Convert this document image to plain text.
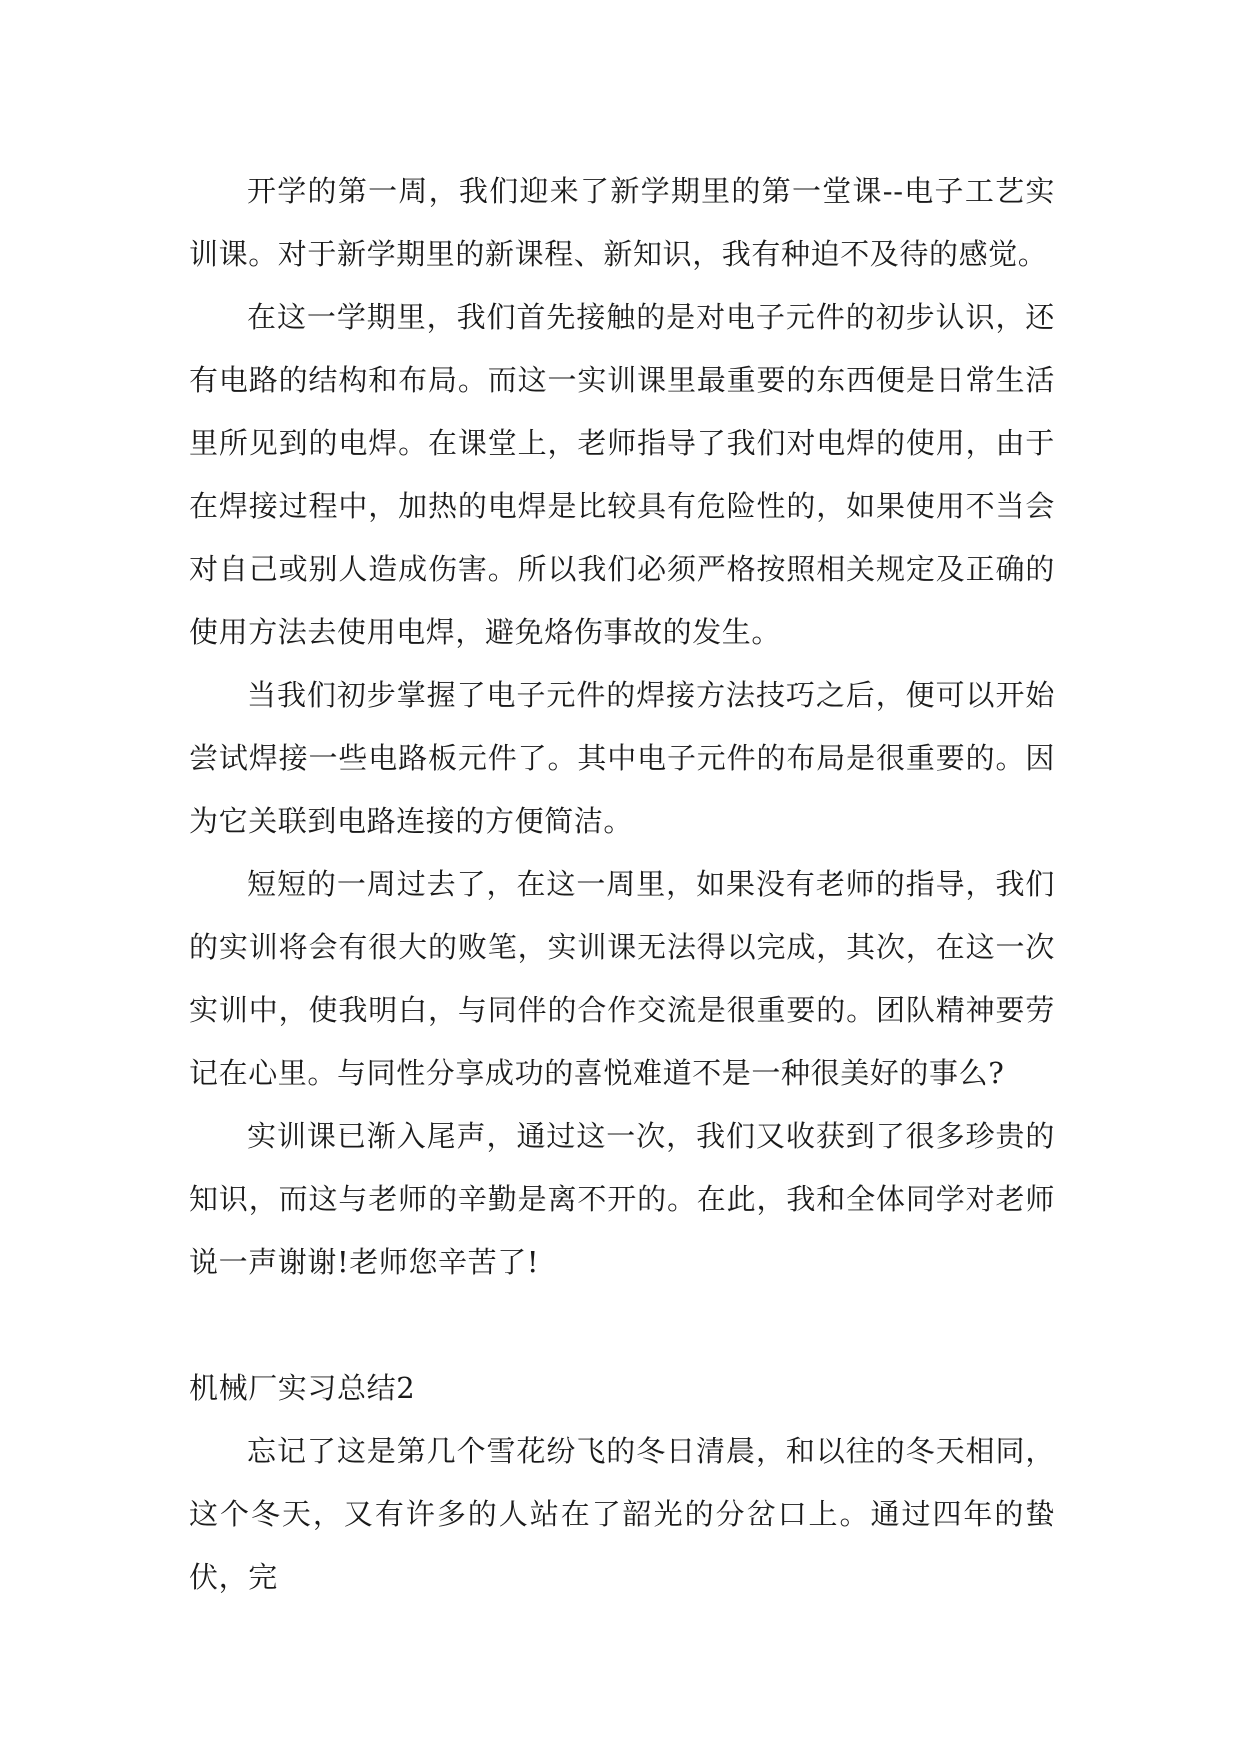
开学的第一周，我们迎来了新学期里的第一堂课--电子工艺实训课。对于新学期里的新课程、新知识，我有种迫不及待的感觉。

在这一学期里，我们首先接触的是对电子元件的初步认识，还有电路的结构和布局。而这一实训课里最重要的东西便是日常生活里所见到的电焊。在课堂上，老师指导了我们对电焊的使用，由于在焊接过程中，加热的电焊是比较具有危险性的，如果使用不当会对自己或别人造成伤害。所以我们必须严格按照相关规定及正确的使用方法去使用电焊，避免烙伤事故的发生。

当我们初步掌握了电子元件的焊接方法技巧之后，便可以开始尝试焊接一些电路板元件了。其中电子元件的布局是很重要的。因为它关联到电路连接的方便简洁。

短短的一周过去了，在这一周里，如果没有老师的指导，我们的实训将会有很大的败笔，实训课无法得以完成，其次，在这一次实训中，使我明白，与同伴的合作交流是很重要的。团队精神要劳记在心里。与同性分享成功的喜悦难道不是一种很美好的事么?

实训课已渐入尾声，通过这一次，我们又收获到了很多珍贵的知识，而这与老师的辛勤是离不开的。在此，我和全体同学对老师说一声谢谢!老师您辛苦了!

机械厂实习总结2

忘记了这是第几个雪花纷飞的冬日清晨，和以往的冬天相同，这个冬天，又有许多的人站在了韶光的分岔口上。通过四年的蛰伏，完
